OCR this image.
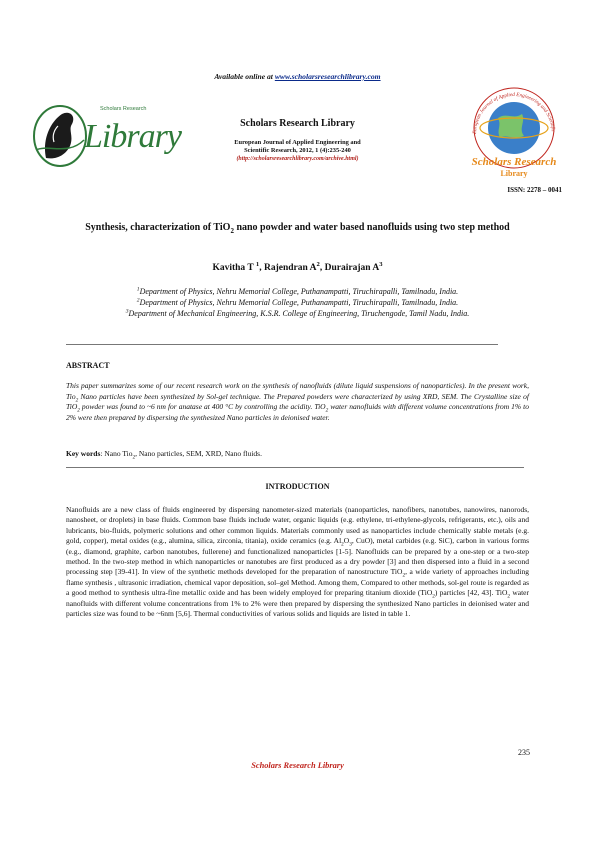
Available online at www.scholarsresearchlibrary.com
Scholars Research
Library	Scholars Research Library
European Journal of Applied Engineering and
Scientific Research, 2012, 1 (4):235-240
(http://scholarsresearchlibrary.com/archive.html)
European Journal of Applied Engineering and Scientific
Scholars Research
Library
ISSN: 2278 – 0041
Synthesis, characterization of TiO$_2$ nano powder and water based nanofluids using two step method
Kavitha T $^1$, Rajendran $A^2$, Durairajan $A^3$
$^1$Department of Physics, Nehru Memorial College, Puthanampatti, Tiruchirapalli, Tamilnadu, India.
$^2$Department of Physics, Nehru Memorial College, Puthanampatti, Tiruchirapalli, Tamilnadu, India.
$^3$Department of Mechanical Engineering, K.S.R. College of Engineering, Tiruchengode, Tamil Nadu, India.
ABSTRACT
This paper summarizes some of our recent research work on the synthesis of nanofluids (dilute liquid suspensions of nanoparticles). In the present work, Tio$_2$ Nano particles have been synthesized by Sol-gel technique. The Prepared powders were characterized by using XRD, SEM. The Crystalline size of TiO$_2$ powder was found to ~6 nm for anatase at 400 °C by controlling the acidity. TiO$_2$ water nanofluids with different volume concentrations from 1% to 2% were then prepared by dispersing the synthesized Nano particles in deionised water.
Key words: Nano Tio$_2$, Nano particles, SEM, XRD, Nano fluids.
INTRODUCTION
Nanofluids are a new class of fluids engineered by dispersing nanometer-sized materials (nanoparticles, nanofibers, nanotubes, nanowires, nanorods, nanosheet, or droplets) in base fluids. Common base fluids include water, organic liquids (e.g. ethylene, tri-ethylene-glycols, refrigerants, etc.), oils and lubricants, bio-fluids, polymeric solutions and other common liquids. Materials commonly used as nanoparticles include chemically stable metals (e.g. gold, copper), metal oxides (e.g., alumina, silica, zirconia, titania), oxide ceramics (e.g. $Al_2O_3$, CuO), metal carbides (e.g. SiC), carbon in various forms (e.g., diamond, graphite, carbon nanotubes, fullerene) and functionalized nanoparticles [1-5]. Nanofluids can be prepared by a one-step or a two-step method. In the two-step method in which nanoparticles or nanotubes are first produced as a dry powder [3] and then dispersed into a fluid in a second processing step [39-41]. In view of the synthetic methods developed for the preparation of nanostructure TiO$_2$, a wide variety of approaches including flame synthesis , ultrasonic irradiation, chemical vapor deposition, sol–gel Method. Among them, Compared to other methods, sol-gel route is regarded as a good method to synthesis ultra-fine metallic oxide and has been widely employed for preparing titanium dioxide (TiO$_2$) particles [42, 43]. TiO$_2$ water nanofluids with different volume concentrations from 1% to 2% were then prepared by dispersing the synthesized Nano particles in deionised water and particles size was found to be ~6nm [5,6]. Thermal conductivities of various solids and liquids are listed in table 1.
235
Scholars Research Library
